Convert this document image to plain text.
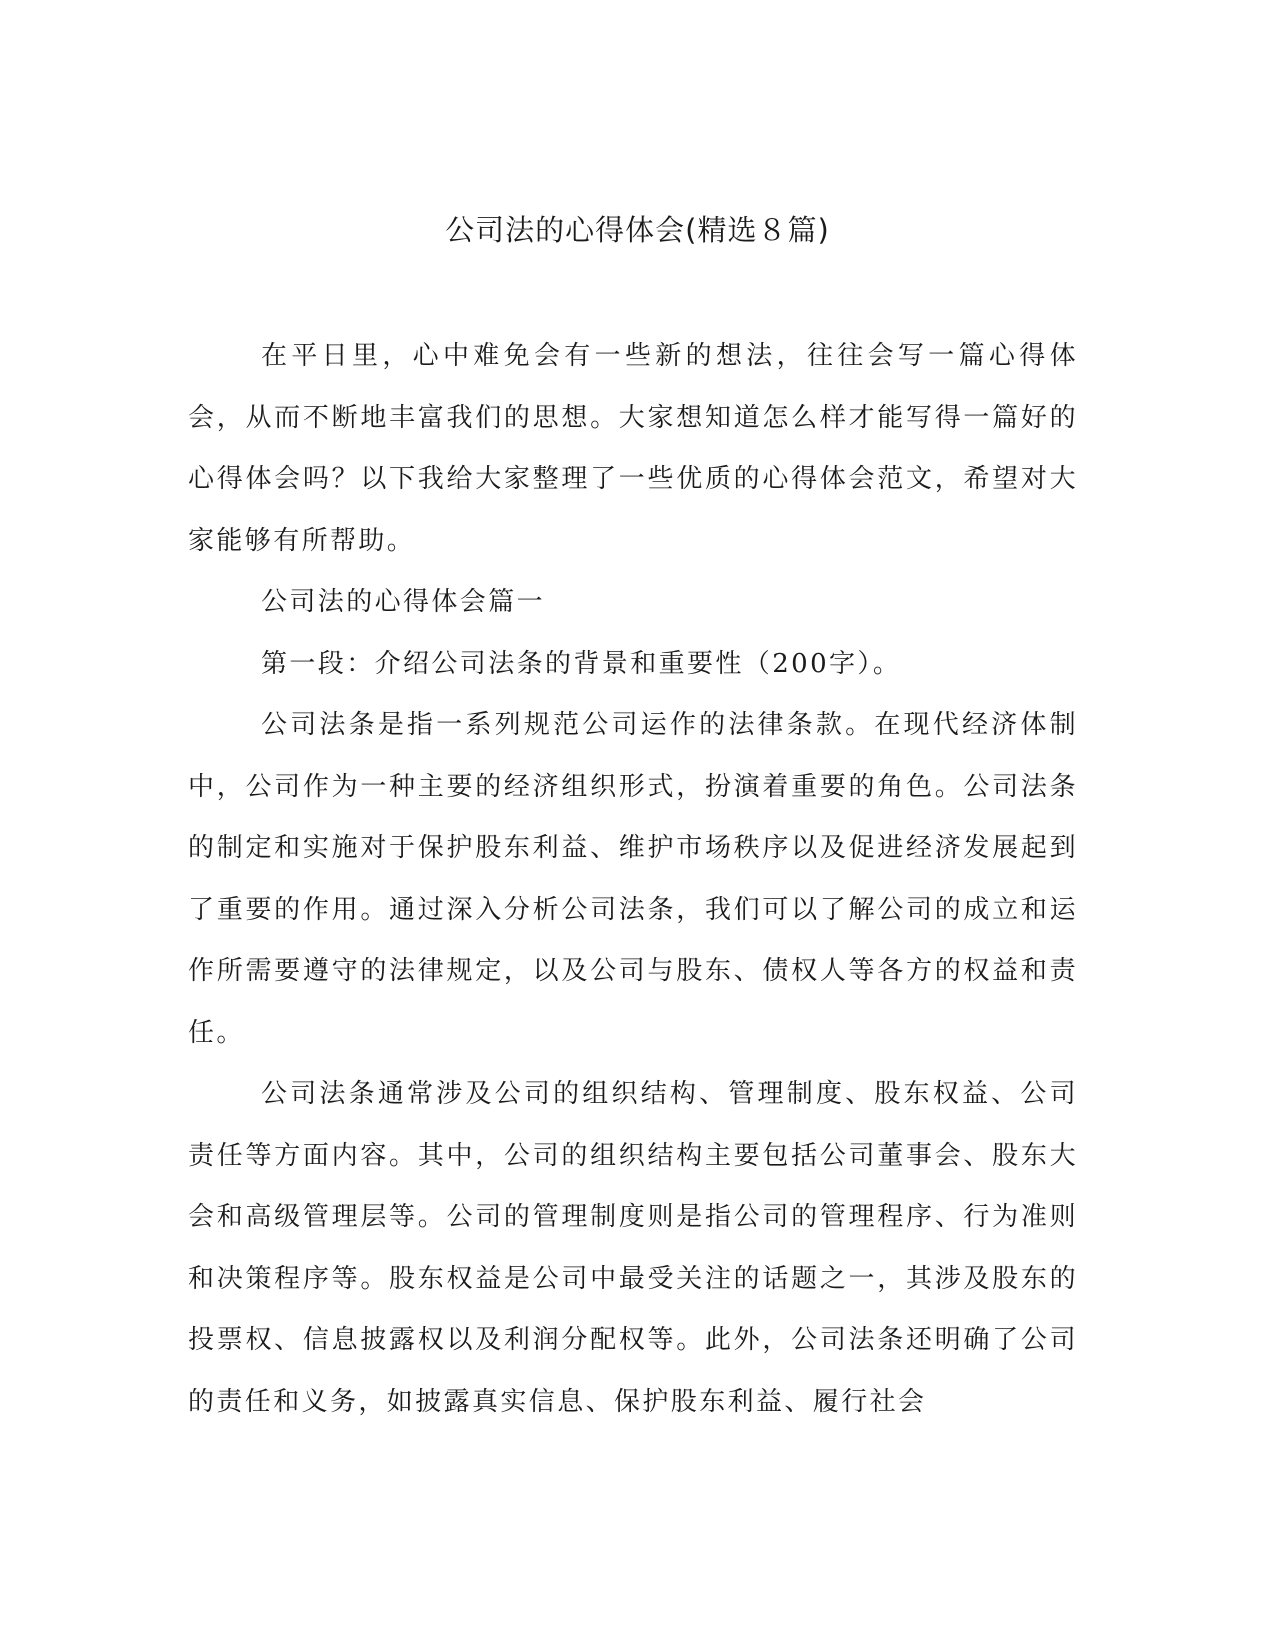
公司法的心得体会(精选８篇)

在平日里，心中难免会有一些新的想法，往往会写一篇心得体会，从而不断地丰富我们的思想。大家想知道怎么样才能写得一篇好的心得体会吗？以下我给大家整理了一些优质的心得体会范文，希望对大家能够有所帮助。

公司法的心得体会篇一

第一段：介绍公司法条的背景和重要性（200字）。

公司法条是指一系列规范公司运作的法律条款。在现代经济体制中，公司作为一种主要的经济组织形式，扮演着重要的角色。公司法条的制定和实施对于保护股东利益、维护市场秩序以及促进经济发展起到了重要的作用。通过深入分析公司法条，我们可以了解公司的成立和运作所需要遵守的法律规定，以及公司与股东、债权人等各方的权益和责任。

公司法条通常涉及公司的组织结构、管理制度、股东权益、公司责任等方面内容。其中，公司的组织结构主要包括公司董事会、股东大会和高级管理层等。公司的管理制度则是指公司的管理程序、行为准则和决策程序等。股东权益是公司中最受关注的话题之一，其涉及股东的投票权、信息披露权以及利润分配权等。此外，公司法条还明确了公司的责任和义务，如披露真实信息、保护股东利益、履行社会
